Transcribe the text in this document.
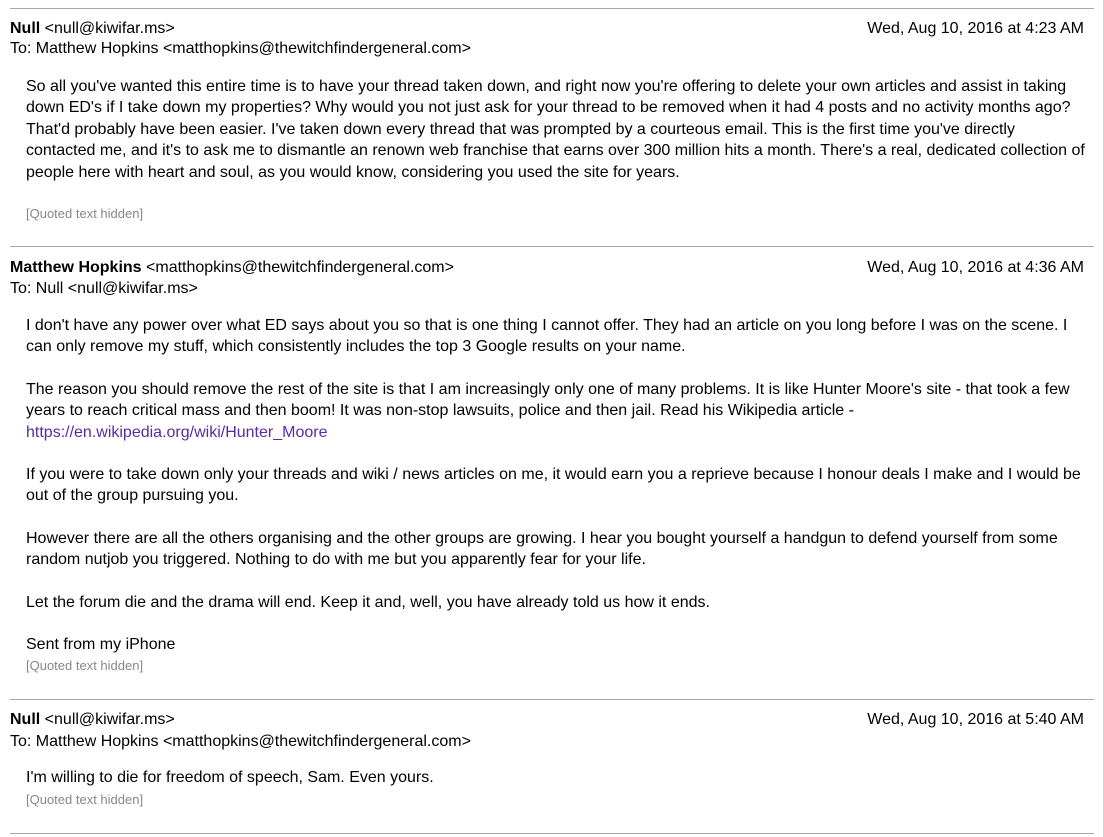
Null <null@kiwifar.ms>	Wed, Aug 10, 2016 at 4:23 AM
To: Matthew Hopkins <matthopkins@thewitchfindergeneral.com>

So all you've wanted this entire time is to have your thread taken down, and right now you're offering to delete your own articles and assist in taking down ED's if I take down my properties? Why would you not just ask for your thread to be removed when it had 4 posts and no activity months ago? That'd probably have been easier. I've taken down every thread that was prompted by a courteous email. This is the first time you've directly contacted me, and it's to ask me to dismantle an renown web franchise that earns over 300 million hits a month. There's a real, dedicated collection of people here with heart and soul, as you would know, considering you used the site for years.

[Quoted text hidden]
Matthew Hopkins <matthopkins@thewitchfindergeneral.com>	Wed, Aug 10, 2016 at 4:36 AM
To: Null <null@kiwifar.ms>

I don't have any power over what ED says about you so that is one thing I cannot offer. They had an article on you long before I was on the scene. I can only remove my stuff, which consistently includes the top 3 Google results on your name.

The reason you should remove the rest of the site is that I am increasingly only one of many problems. It is like Hunter Moore's site - that took a few years to reach critical mass and then boom! It was non-stop lawsuits, police and then jail. Read his Wikipedia article - https://en.wikipedia.org/wiki/Hunter_Moore

If you were to take down only your threads and wiki / news articles on me, it would earn you a reprieve because I honour deals I make and I would be out of the group pursuing you.

However there are all the others organising and the other groups are growing. I hear you bought yourself a handgun to defend yourself from some random nutjob you triggered. Nothing to do with me but you apparently fear for your life.

Let the forum die and the drama will end. Keep it and, well, you have already told us how it ends.

Sent from my iPhone

[Quoted text hidden]
Null <null@kiwifar.ms>	Wed, Aug 10, 2016 at 5:40 AM
To: Matthew Hopkins <matthopkins@thewitchfindergeneral.com>

I'm willing to die for freedom of speech, Sam. Even yours.

[Quoted text hidden]
